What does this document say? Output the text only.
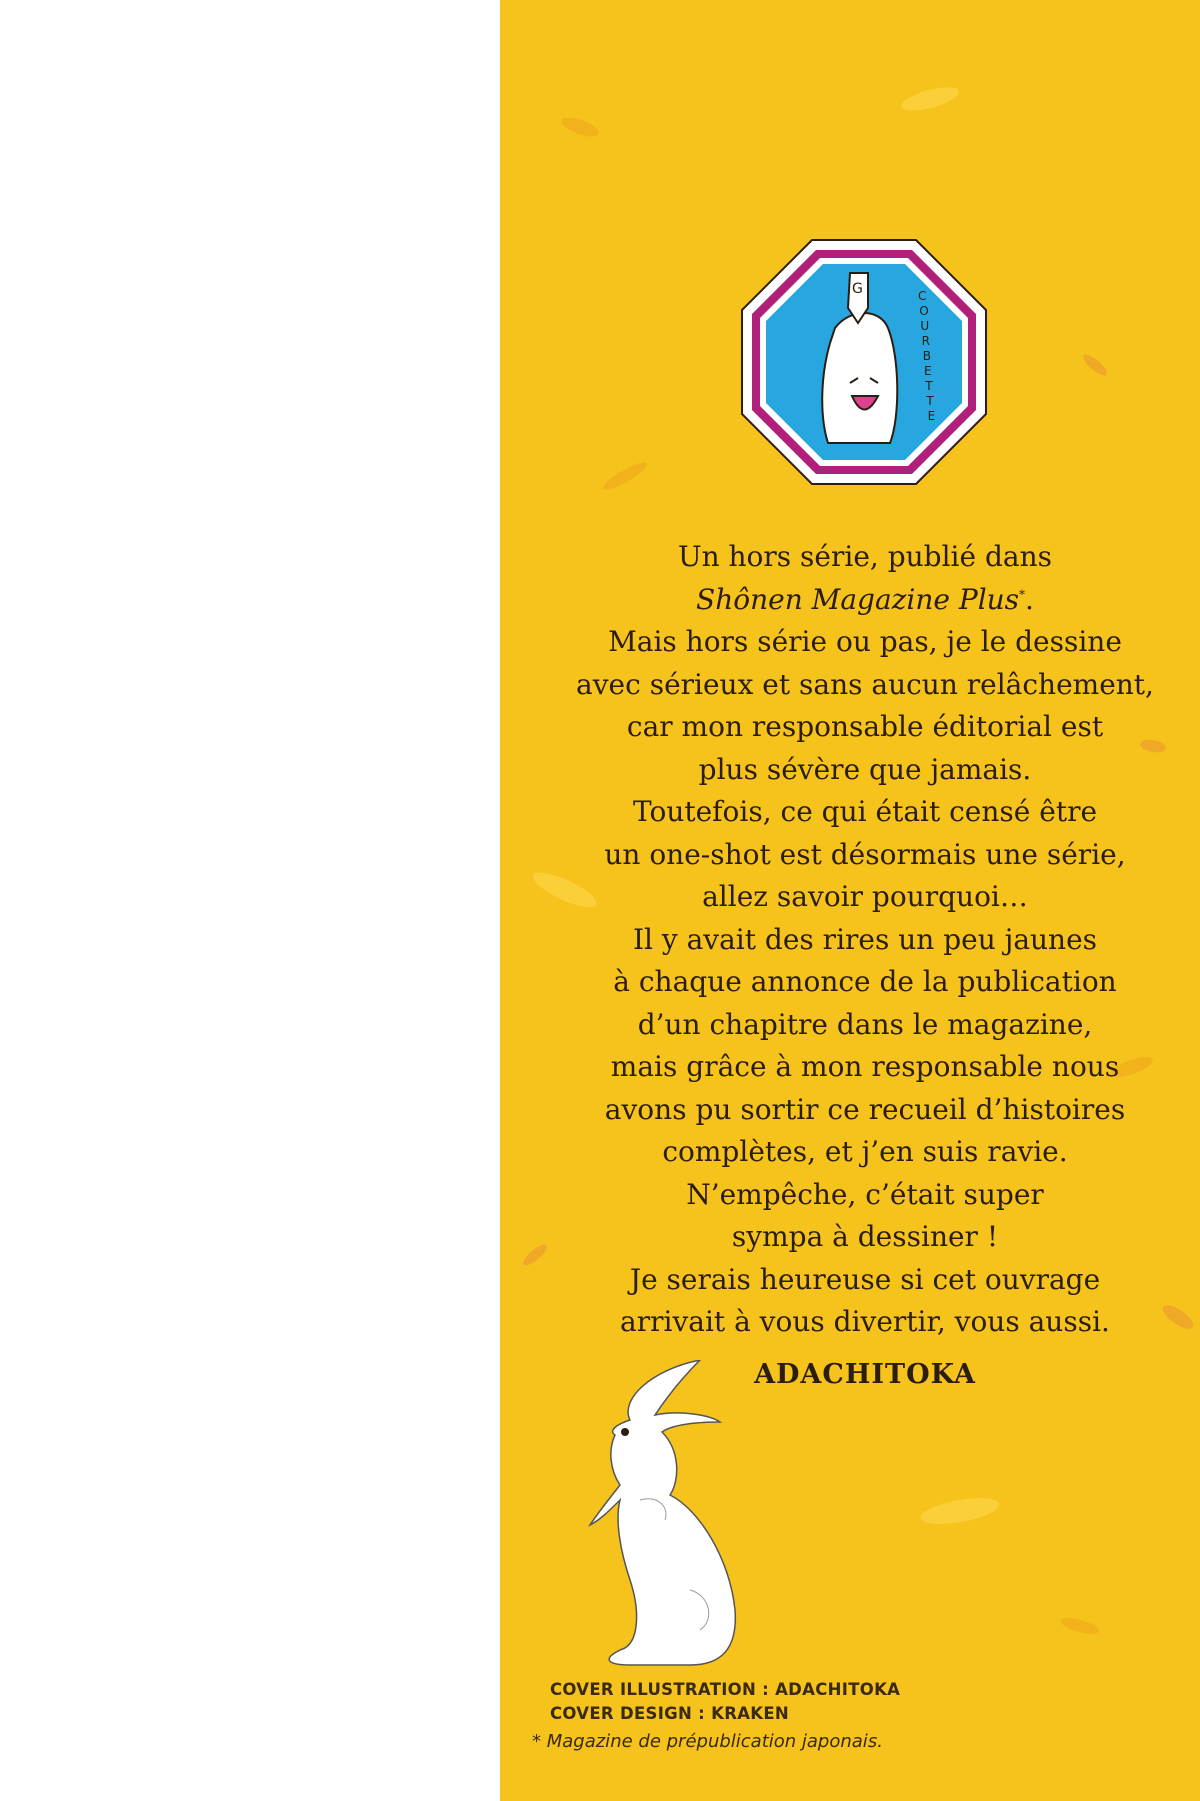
G	C
O
U
R
B
E
T
T
E
Un hors série, publié dans
Shônen Magazine Plus*.
Mais hors série ou pas, je le dessine
avec sérieux et sans aucun relâchement,
car mon responsable éditorial est
plus sévère que jamais.
Toutefois, ce qui était censé être
un one-shot est désormais une série,
allez savoir pourquoi…
Il y avait des rires un peu jaunes
à chaque annonce de la publication
d’un chapitre dans le magazine,
mais grâce à mon responsable nous
avons pu sortir ce recueil d’histoires
complètes, et j’en suis ravie.
N’empêche, c’était super
sympa à dessiner !
Je serais heureuse si cet ouvrage
arrivait à vous divertir, vous aussi.
ADACHITOKA
COVER ILLUSTRATION : ADACHITOKA
COVER DESIGN : KRAKEN
* Magazine de prépublication japonais.
